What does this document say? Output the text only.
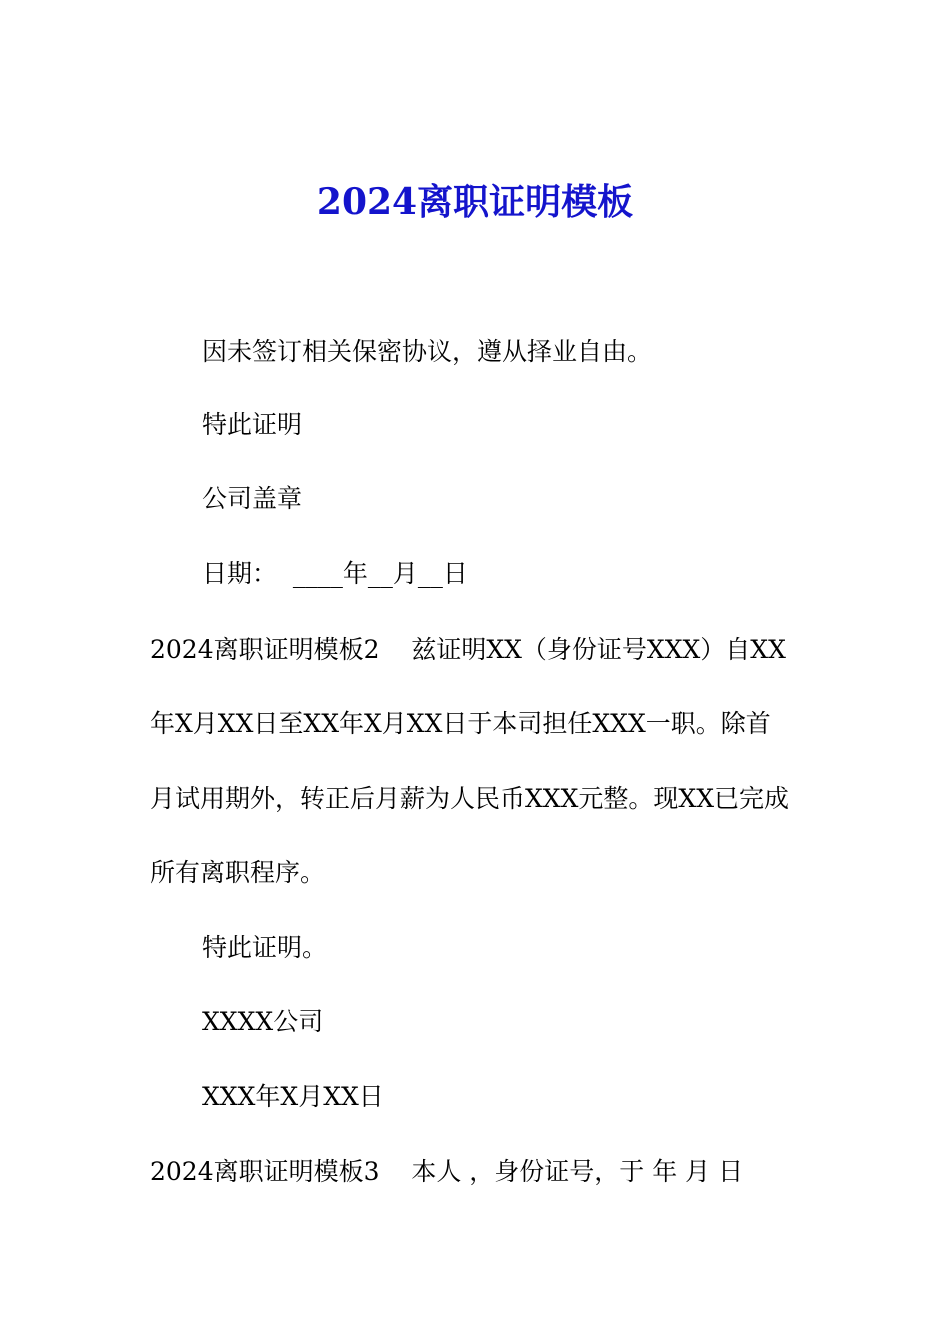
2024离职证明模板
因未签订相关保密协议，遵从择业自由。
特此证明
公司盖章
日期：  ____年__月__日
2024离职证明模板2    兹证明XX（身份证号XXX）自XX
年X月XX日至XX年X月XX日于本司担任XXX一职。除首
月试用期外，转正后月薪为人民币XXX元整。现XX已完成
所有离职程序。
特此证明。
XXXX公司
XXX年X月XX日
2024离职证明模板3    本人 ，身份证号，于 年 月 日
